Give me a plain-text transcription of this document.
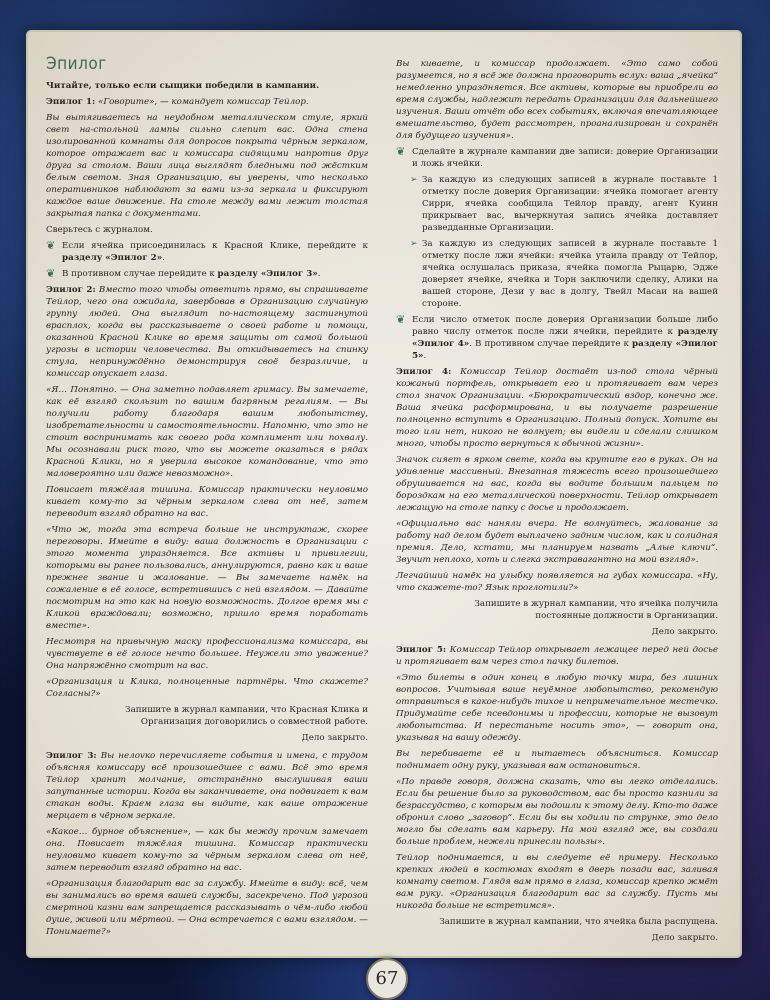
Эпилог

Читайте, только если сыщики победили в кампании.

Эпилог 1: «Говорите», — командует комиссар Тейлор.

Вы вытягиваетесь на неудобном металлическом стуле, яркий свет на‑стольной лампы сильно слепит вас. Одна стена изолированной комнаты для допросов покрыта чёрным зеркалом, которое отражает вас и комиссара сидящими напротив друг друга за столом. Ваши лица выглядят бледными под жёстким белым светом. Зная Организацию, вы уверены, что несколько оперативников наблюдают за вами из-за зеркала и фиксируют каждое ваше движение. На столе между вами лежит толстая закрытая папка с документами.

Сверьтесь с журналом.

❦ Если ячейка присоединилась к Красной Клике, перейдите к разделу «Эпилог 2».
❦ В противном случае перейдите к разделу «Эпилог 3».

Эпилог 2: Вместо того чтобы ответить прямо, вы спрашиваете Тейлор, чего она ожидала, завербовав в Организацию случайную группу людей. Она выглядит по-настоящему застигнутой врасплох, когда вы рассказываете о своей работе и помощи, оказанной Красной Клике во время защиты от самой большой угрозы в истории человечества. Вы откидываетесь на спинку стула, непринуждённо демонстрируя своё безразличие, и комиссар опускает глаза.

«Я… Понятно. — Она заметно подавляет гримасу. Вы замечаете, как её взгляд скользит по вашим багряным регалиям. — Вы получили работу благодаря вашим любопытству, изобретательности и самостоятельности. Напомню, что это не стоит воспринимать как своего рода комплимент или похвалу. Мы осознавали риск того, что вы можете оказаться в рядах Красной Клики, но я уверила высокое командование, что это маловероятно или даже невозможно».

Повисает тяжёлая тишина. Комиссар практически неуловимо кивает кому-то за чёрным зеркалом слева от неё, затем переводит взгляд обратно на вас.

«Что ж, тогда эта встреча больше не инструктаж, скорее переговоры. Имейте в виду: ваша должность в Организации с этого момента упраздняется. Все активы и привилегии, которыми вы ранее пользовались, аннулируются, равно как и ваше прежнее звание и жалование. — Вы замечаете намёк на сожаление в её голосе, встретившись с ней взглядом. — Давайте посмотрим на это как на новую возможность. Долгое время мы с Кликой враждовали; возможно, пришло время поработать вместе».

Несмотря на привычную маску профессионализма комиссара, вы чувствуете в её голосе нечто большее. Неужели это уважение? Она напряжённо смотрит на вас.

«Организация и Клика, полноценные партнёры. Что скажете? Согласны?»

Запишите в журнал кампании, что Красная Клика и Организация договорились о совместной работе.

Дело закрыто.

Эпилог 3: Вы нелovко перечисляете события и имена, с трудом объясняя комиссару всё произошедшее с вами. Всё это время Тейлор хранит молчание, отстранённо выслушивая ваши запутанные истории. Когда вы заканчиваете, она подвигает к вам стакан воды. Краем глаза вы видите, как ваше отражение мерцает в чёрном зеркале.

«Какое… бурное объяснение», — как бы между прочим замечает она. Повисает тяжёлая тишина. Комиссар практически неуловимо кивает кому-то за чёрным зеркалом слева от неё, затем переводит взгляд обратно на вас.

«Организация благодарит вас за службу. Имейте в виду: всё, чем вы занимались во время вашей службы, засекречено. Под угрозой смертной казни вам запрещается рассказывать о чём-либо любой душе, живой или мёртвой. — Она встречается с вами взглядом. — Понимаете?»

Вы киваете, и комиссар продолжает. «Это само собой разумеется, но я всё же должна проговорить вслух: ваша „ячейка“ немедленно упраздняется. Все активы, которые вы приобрели во время службы, надлежит передать Организации для дальнейшего изучения. Ваши отчёт обо всех событиях, включая впечатляющее вмешательство, будет рассмотрен, проанализирован и сохранён для будущего изучения».

❦ Сделайте в журнале кампании две записи: доверие Организации и ложь ячейки.
➢ За каждую из следующих записей в журнале поставьте 1 отметку после доверия Организации: ячейка помогает агенту Сирри, ячейка сообщила Тейлор правду, агент Куинн прикрывает вас, вычеркнутая запись ячейка доставляет разведданные Организации.
➢ За каждую из следующих записей в журнале поставьте 1 отметку после лжи ячейки: ячейка утаила правду от Тейлор, ячейка ослушалась приказа, ячейка помогла Рыцарю, Эдже доверяет ячейке, ячейка и Торн заключили сделку, Алики на вашей стороне, Дези у вас в долгу, Твейл Масаи на вашей стороне.
❦ Если число отметок после доверия Организации больше либо равно числу отметок после лжи ячейки, перейдите к разделу «Эпилог 4». В противном случае перейдите к разделу «Эпилог 5».

Эпилог 4: Комиссар Тейлор достаёт из-под стола чёрный кожаный портфель, открывает его и протягивает вам через стол значок Организации. «Бюрократический вздор, конечно же. Ваша ячейка расформирована, и вы получаете разрешение полноценно вступить в Организацию. Полный допуск. Хотите вы того или нет, никого не волнует; вы видели и сделали слишком много, чтобы просто вернуться к обычной жизни».

Значок сияет в ярком свете, когда вы крутите его в руках. Он на удивление массивный. Внезапная тяжесть всего произошедшего обрушивается на вас, когда вы водите большим пальцем по бороздкам на его металлической поверхности. Тейлор открывает лежащую на столе папку с досье и продолжает.

«Официально вас наняли вчера. Не волнуйтесь, жалование за работу над делом будет выплачено задним числом, как и солидная премия. Дело, кстати, мы планируем назвать „Алые ключи“. Звучит неплохо, хоть и слегка экстравагантно на мой взгляд».

Легчайший намёк на улыбку появляется на губах комиссара. «Ну, что скажете-то? Язык проглотили?»

Запишите в журнал кампании, что ячейка получила постоянные должности в Организации.

Дело закрыто.

Эпилог 5: Комиссар Тейлор открывает лежащее перед ней досье и протягивает вам через стол пачку билетов.

«Это билеты в один конец в любую точку мира, без лишних вопросов. Учитывая ваше неуёмное любопытство, рекомендую отправиться в какое-нибудь тихое и непримечательное местечко. Придумайте себе псевдонимы и профессии, которые не вызовут любопытства. И перестаньте носить это», — говорит она, указывая на вашу одежду.

Вы перебиваете её и пытаетесь объясниться. Комиссар поднимает одну руку, указывая вам остановиться.

«По правде говоря, должна сказать, что вы легко отделались. Если бы решение было за руководством, вас бы просто казнили за безрассудство, с которым вы подошли к этому делу. Кто-то даже обронил слово „заговор“. Если бы вы ходили по струнке, это дело могло бы сделать вам карьеру. На мой взгляд же, вы создали больше проблем, нежели принесли пользы».

Тейлор поднимается, и вы следуете её примеру. Несколько крепких людей в костюмах входят в дверь позади вас, заливая комнату светом. Глядя вам прямо в глаза, комиссар крепко жмёт вам руку. «Организация благодарит вас за службу. Пусть мы никогда больше не встретимся».

Запишите в журнал кампании, что ячейка была распущена.

Дело закрыто.

67
